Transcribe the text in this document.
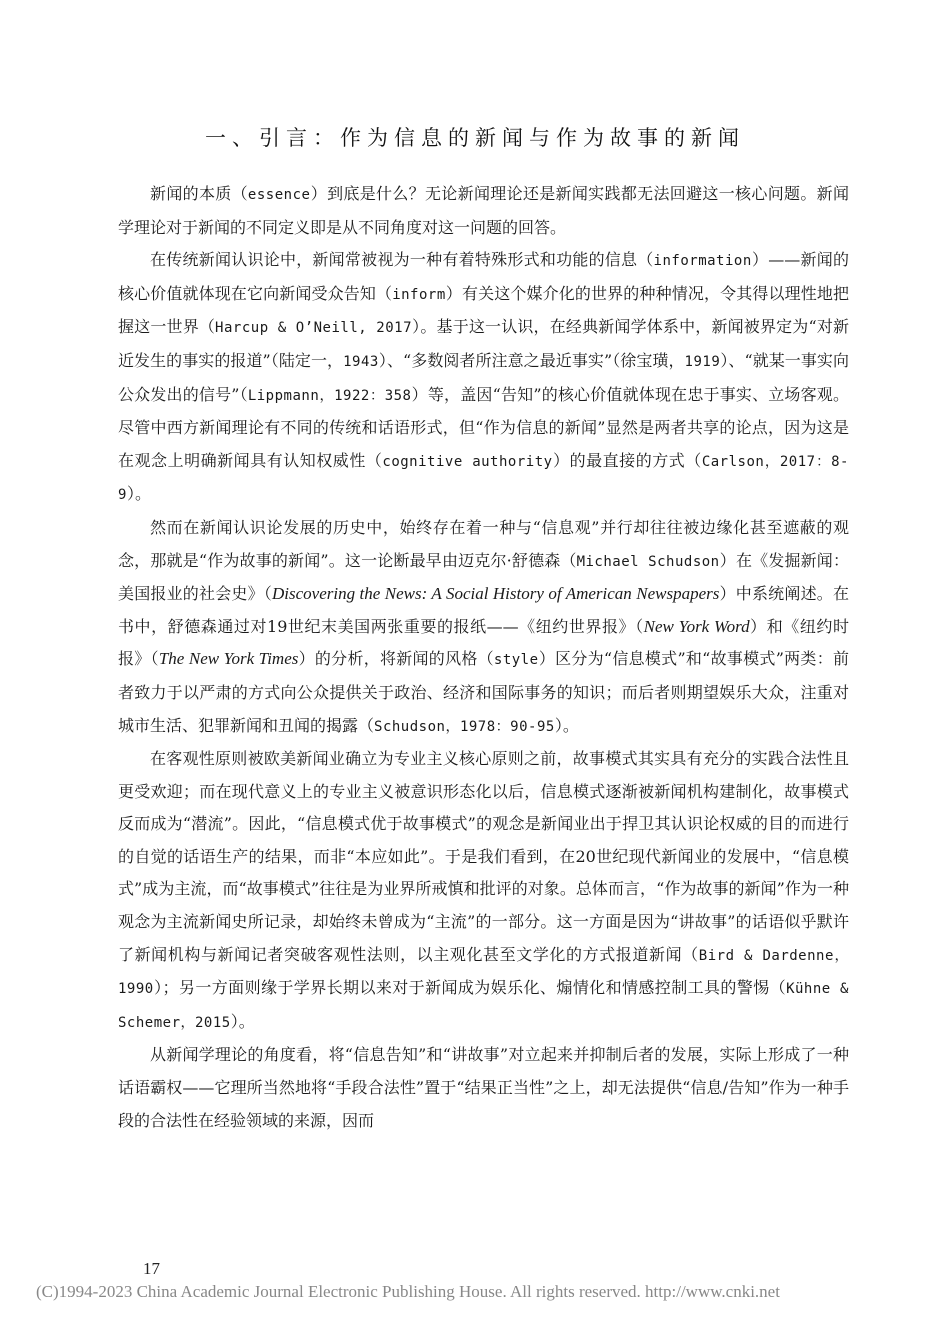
一、引言：作为信息的新闻与作为故事的新闻

新闻的本质（essence）到底是什么？无论新闻理论还是新闻实践都无法回避这一核心问题。新闻学理论对于新闻的不同定义即是从不同角度对这一问题的回答。

在传统新闻认识论中，新闻常被视为一种有着特殊形式和功能的信息（information）——新闻的核心价值就体现在它向新闻受众告知（inform）有关这个媒介化的世界的种种情况，令其得以理性地把握这一世界（Harcup & O’Neill, 2017）。基于这一认识，在经典新闻学体系中，新闻被界定为“对新近发生的事实的报道”（陆定一，1943）、“多数阅者所注意之最近事实”（徐宝璜，1919）、“就某一事实向公众发出的信号”（Lippmann，1922：358）等，盖因“告知”的核心价值就体现在忠于事实、立场客观。尽管中西方新闻理论有不同的传统和话语形式，但“作为信息的新闻”显然是两者共享的论点，因为这是在观念上明确新闻具有认知权威性（cognitive authority）的最直接的方式（Carlson，2017：8-9）。

然而在新闻认识论发展的历史中，始终存在着一种与“信息观”并行却往往被边缘化甚至遮蔽的观念，那就是“作为故事的新闻”。这一论断最早由迈克尔·舒德森（Michael Schudson）在《发掘新闻：美国报业的社会史》（Discovering the News: A Social History of American Newspapers）中系统阐述。在书中，舒德森通过对19世纪末美国两张重要的报纸——《纽约世界报》（New York Word）和《纽约时报》（The New York Times）的分析，将新闻的风格（style）区分为“信息模式”和“故事模式”两类：前者致力于以严肃的方式向公众提供关于政治、经济和国际事务的知识；而后者则期望娱乐大众，注重对城市生活、犯罪新闻和丑闻的揭露（Schudson，1978：90-95）。

在客观性原则被欧美新闻业确立为专业主义核心原则之前，故事模式其实具有充分的实践合法性且更受欢迎；而在现代意义上的专业主义被意识形态化以后，信息模式逐渐被新闻机构建制化，故事模式反而成为“潜流”。因此，“信息模式优于故事模式”的观念是新闻业出于捍卫其认识论权威的目的而进行的自觉的话语生产的结果，而非“本应如此”。于是我们看到，在20世纪现代新闻业的发展中，“信息模式”成为主流，而“故事模式”往往是为业界所戒慎和批评的对象。总体而言，“作为故事的新闻”作为一种观念为主流新闻史所记录，却始终未曾成为“主流”的一部分。这一方面是因为“讲故事”的话语似乎默许了新闻机构与新闻记者突破客观性法则，以主观化甚至文学化的方式报道新闻（Bird & Dardenne，1990）；另一方面则缘于学界长期以来对于新闻成为娱乐化、煽情化和情感控制工具的警惕（Kühne & Schemer，2015）。

从新闻学理论的角度看，将“信息告知”和“讲故事”对立起来并抑制后者的发展，实际上形成了一种话语霸权——它理所当然地将“手段合法性”置于“结果正当性”之上，却无法提供“信息/告知”作为一种手段的合法性在经验领域的来源，因而

17
(C)1994-2023 China Academic Journal Electronic Publishing House. All rights reserved. http://www.cnki.net
